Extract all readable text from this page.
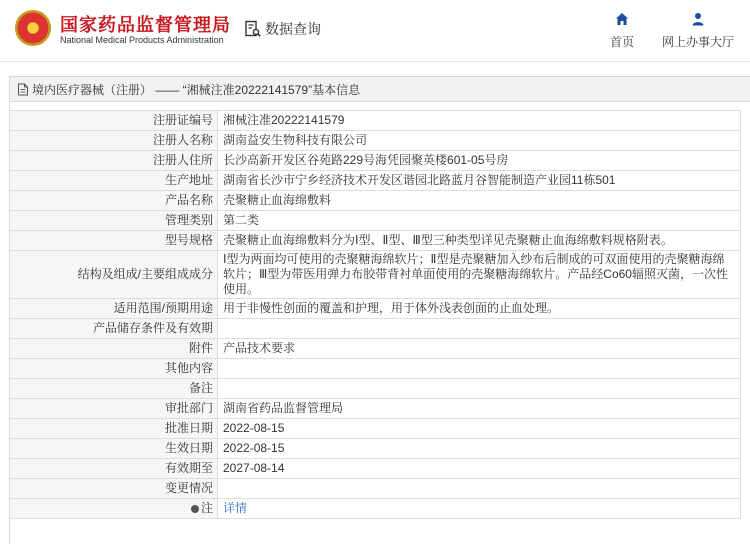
国家药品监督管理局
National Medical Products Administration
数据查询
首页	网上办事大厅
境内医疗器械（注册） —— “湘械注准20222141579”基本信息
注册证编号	湘械注准20222141579
注册人名称	湖南益安生物科技有限公司
注册人住所	长沙高新开发区谷苑路229号海凭园聚英楼601-05号房
生产地址	湖南省长沙市宁乡经济技术开发区谐园北路蓝月谷智能制造产业园11栋501
产品名称	壳聚糖止血海绵敷料
管理类别	第二类
型号规格	壳聚糖止血海绵敷料分为Ⅰ型、Ⅱ型、Ⅲ型三种类型详见壳聚糖止血海绵敷料规格附表。
结构及组成/主要组成成分	Ⅰ型为两面均可使用的壳聚糖海绵软片；Ⅱ型是壳聚糖加入纱布后制成的可双面使用的壳聚糖海绵软片；Ⅲ型为带医用弹力布胶带背衬单面使用的壳聚糖海绵软片。产品经Co60辐照灭菌，一次性使用。
适用范围/预期用途	用于非慢性创面的覆盖和护理，用于体外浅表创面的止血处理。
产品储存条件及有效期	
附件	产品技术要求
其他内容	
备注	
审批部门	湖南省药品监督管理局
批准日期	2022-08-15
生效日期	2022-08-15
有效期至	2027-08-14
变更情况	
注	详情
